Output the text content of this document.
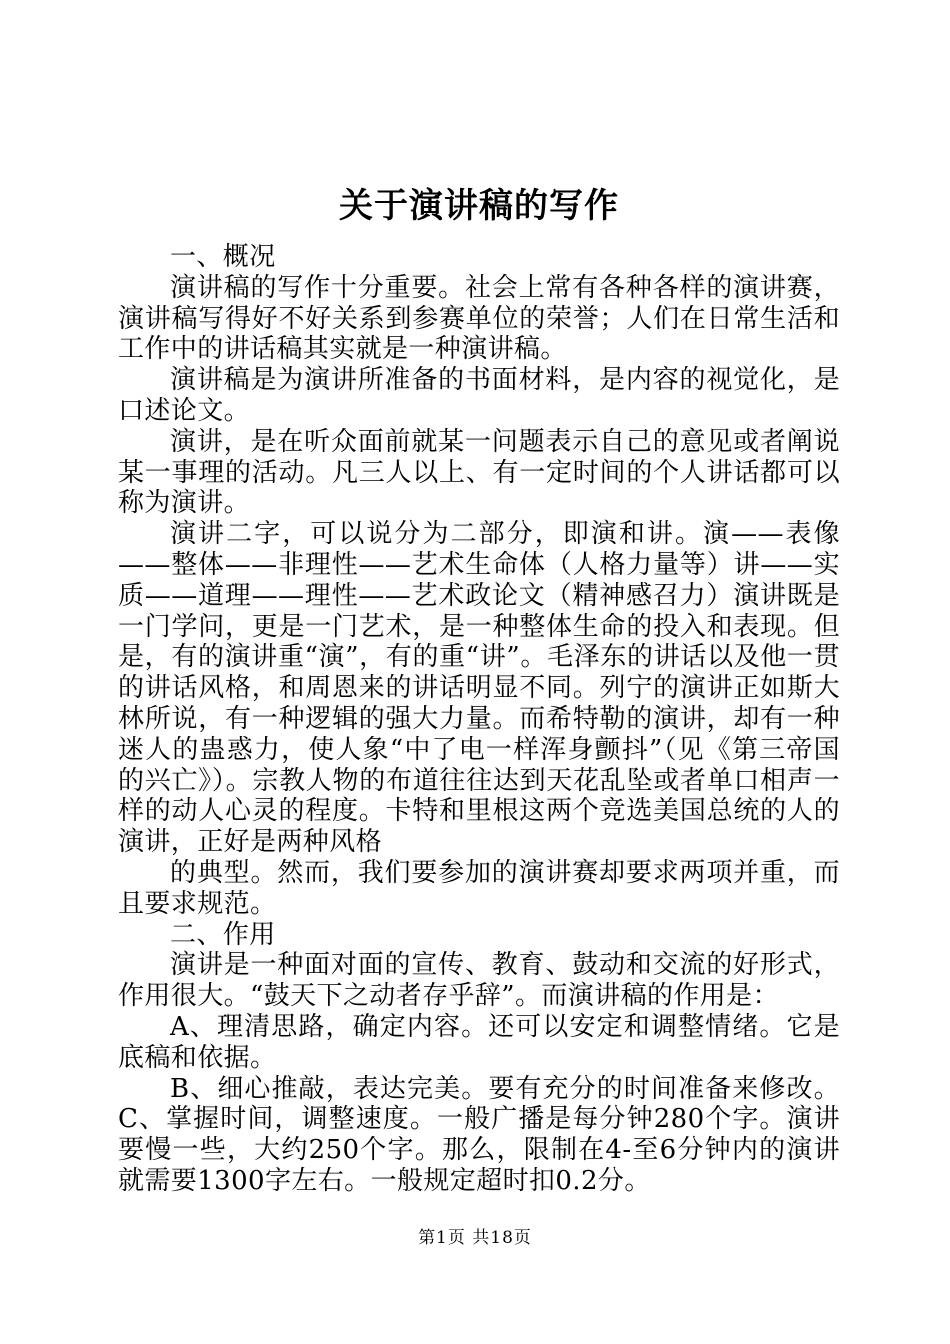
关于演讲稿的写作

一、概况

演讲稿的写作十分重要。社会上常有各种各样的演讲赛，演讲稿写得好不好关系到参赛单位的荣誉；人们在日常生活和工作中的讲话稿其实就是一种演讲稿。

演讲稿是为演讲所准备的书面材料，是内容的视觉化，是口述论文。

演讲，是在听众面前就某一问题表示自己的意见或者阐说某一事理的活动。凡三人以上、有一定时间的个人讲话都可以称为演讲。

演讲二字，可以说分为二部分，即演和讲。演——表像——整体——非理性——艺术生命体（人格力量等）讲——实质——道理——理性——艺术政论文（精神感召力）演讲既是一门学问，更是一门艺术，是一种整体生命的投入和表现。但是，有的演讲重“演”，有的重“讲”。毛泽东的讲话以及他一贯的讲话风格，和周恩来的讲话明显不同。列宁的演讲正如斯大林所说，有一种逻辑的强大力量。而希特勒的演讲，却有一种迷人的蛊惑力，使人象“中了电一样浑身颤抖”（见《第三帝国的兴亡》）。宗教人物的布道往往达到天花乱坠或者单口相声一样的动人心灵的程度。卡特和里根这两个竞选美国总统的人的演讲，正好是两种风格

的典型。然而，我们要参加的演讲赛却要求两项并重，而且要求规范。

二、作用

演讲是一种面对面的宣传、教育、鼓动和交流的好形式，作用很大。“鼓天下之动者存乎辞”。而演讲稿的作用是：

A、理清思路，确定内容。还可以安定和调整情绪。它是底稿和依据。

B、细心推敲，表达完美。要有充分的时间准备来修改。C、掌握时间，调整速度。一般广播是每分钟280个字。演讲要慢一些，大约250个字。那么，限制在4-至6分钟内的演讲就需要1300字左右。一般规定超时扣0.2分。

第1页 共18页
